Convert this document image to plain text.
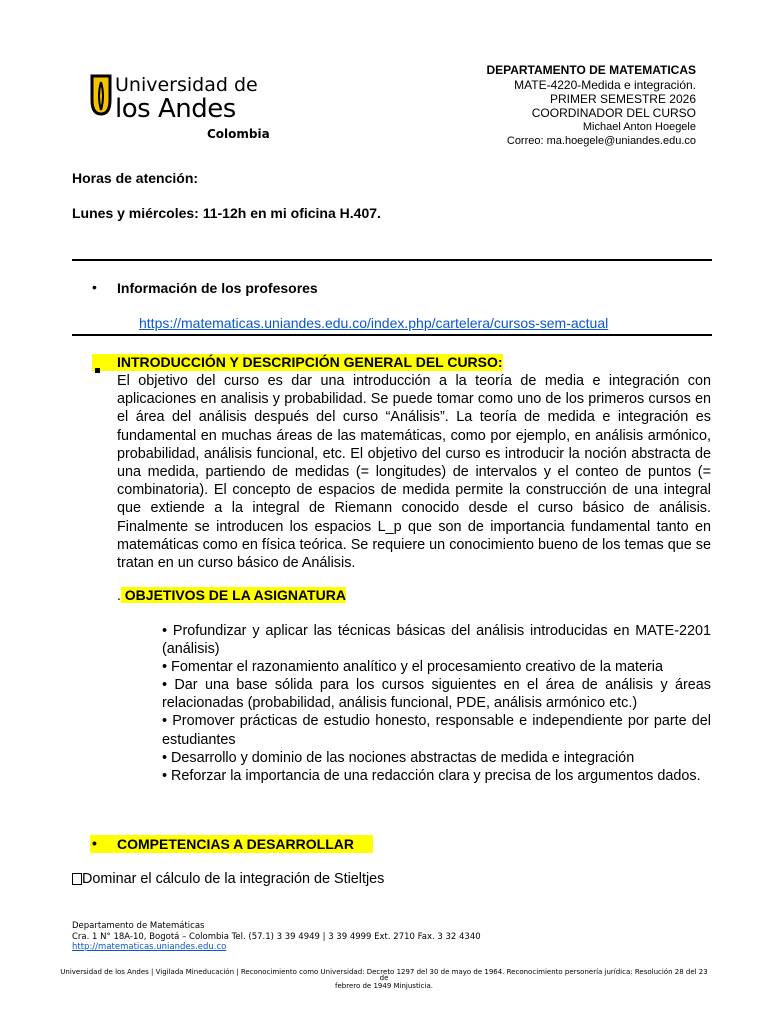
Universidad de
los Andes
Colombia
DEPARTAMENTO DE MATEMATICAS
MATE-4220-Medida e integración.
PRIMER SEMESTRE 2026
COORDINADOR DEL CURSO
Michael Anton Hoegele
Correo: ma.hoegele@uniandes.edu.co
Horas de atención:
Lunes y miércoles: 11-12h en mi oficina H.407.
• Información de los profesores
https://matematicas.uniandes.edu.co/index.php/cartelera/cursos-sem-actual
INTRODUCCIÓN Y DESCRIPCIÓN GENERAL DEL CURSO:
El objetivo del curso es dar una introducción a la teoría de media e integración con aplicaciones en analisis y probabilidad. Se puede tomar como uno de los primeros cursos en el área del análisis después del curso “Análisis”. La teoría de medida e integración es fundamental en muchas áreas de las matemáticas, como por ejemplo, en análisis armónico, probabilidad, análisis funcional, etc. El objetivo del curso es introducir la noción abstracta de una medida, partiendo de medidas (= longitudes) de intervalos y el conteo de puntos (= combinatoria). El concepto de espacios de medida permite la construcción de una integral que extiende a la integral de Riemann conocido desde el curso básico de análisis. Finalmente se introducen los espacios L_p que son de importancia fundamental tanto en matemáticas como en física teórica. Se requiere un conocimiento bueno de los temas que se tratan en un curso básico de Análisis.
. OBJETIVOS DE LA ASIGNATURA
• Profundizar y aplicar las técnicas básicas del análisis introducidas en MATE-2201 (análisis)
• Fomentar el razonamiento analítico y el procesamiento creativo de la materia
• Dar una base sólida para los cursos siguientes en el área de análisis y áreas relacionadas (probabilidad, análisis funcional, PDE, análisis armónico etc.)
• Promover prácticas de estudio honesto, responsable e independiente por parte del estudiantes
• Desarrollo y dominio de las nociones abstractas de medida e integración
• Reforzar la importancia de una redacción clara y precisa de los argumentos dados.
• COMPETENCIAS A DESARROLLAR
Dominar el cálculo de la integración de Stieltjes
Departamento de Matemáticas
Cra. 1 N° 18A-10, Bogotá – Colombia Tel. (57.1) 3 39 4949 | 3 39 4999 Ext. 2710 Fax. 3 32 4340
http://matematicas.uniandes.edu.co
Universidad de los Andes | Vigilada Mineducación | Reconocimiento como Universidad: Decreto 1297 del 30 de mayo de 1964. Reconocimiento personería jurídica: Resolución 28 del 23
de
febrero de 1949 Minjusticia.
